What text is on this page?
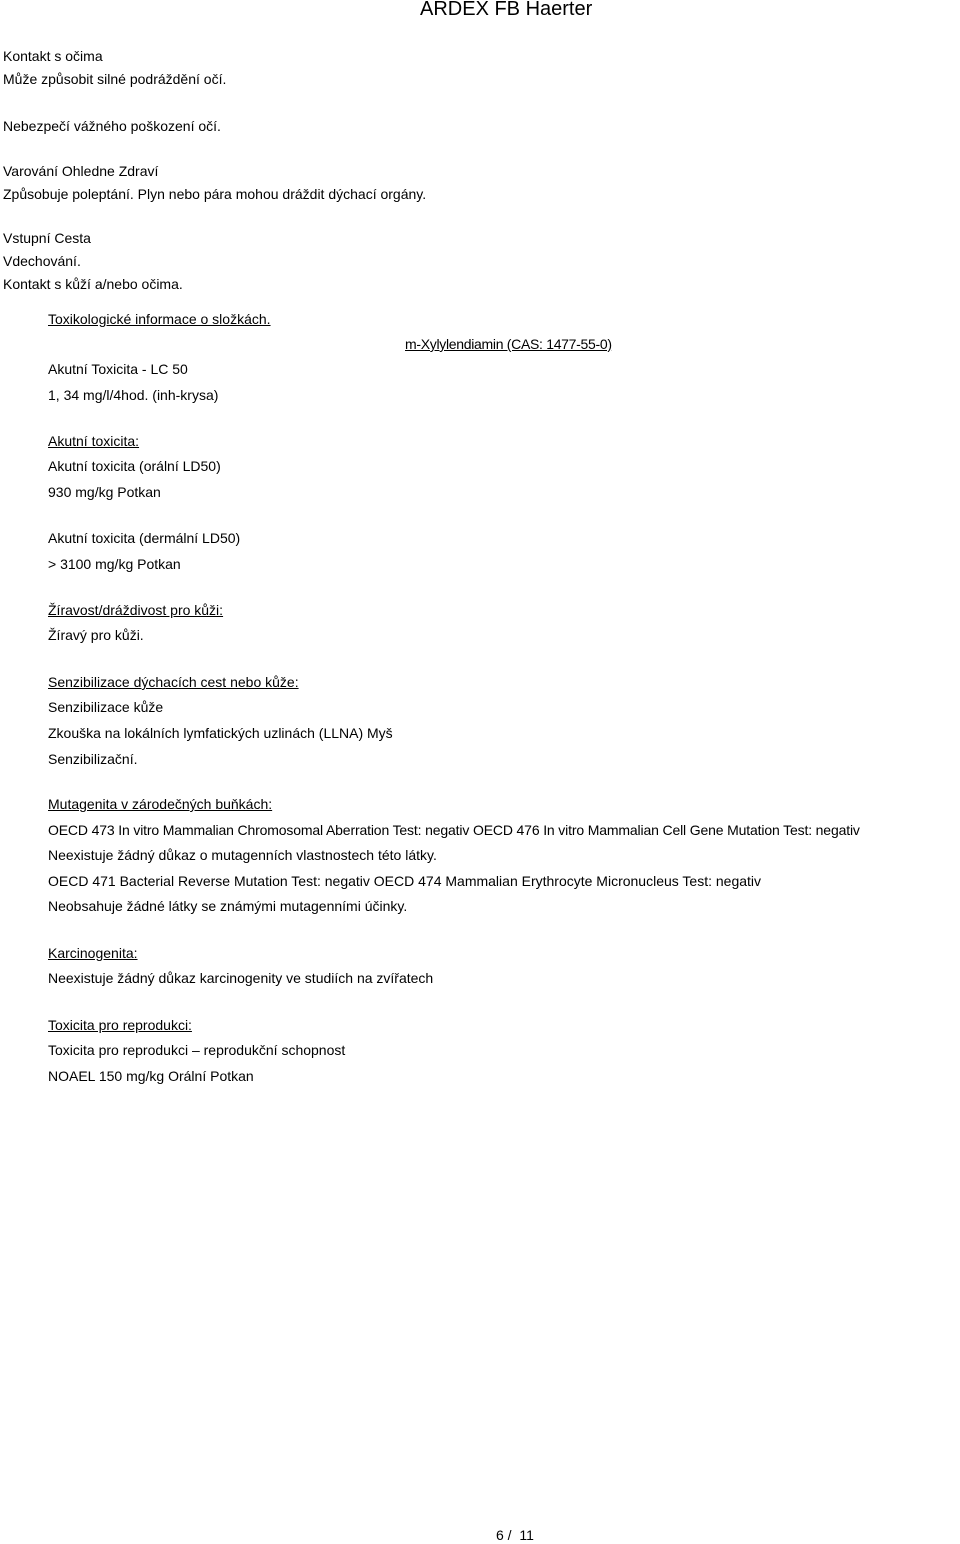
ARDEX FB Haerter
Kontakt s očima
Může způsobit silné podráždění očí.
Nebezpečí vážného poškození očí.
Varování Ohledne Zdraví
Způsobuje poleptání. Plyn nebo pára mohou dráždit dýchací orgány.
Vstupní Cesta
Vdechování.
Kontakt s kůží a/nebo očima.
Toxikologické informace o složkách.
m-Xylylendiamin (CAS: 1477-55-0)
Akutní Toxicita - LC 50
1, 34 mg/l/4hod. (inh-krysa)
Akutní toxicita:
Akutní toxicita (orální LD50)
930 mg/kg Potkan
Akutní toxicita (dermální LD50)
> 3100 mg/kg Potkan
Žíravost/dráždivost pro kůži:
Žíravý pro kůži.
Senzibilizace dýchacích cest nebo kůže:
Senzibilizace kůže
Zkouška na lokálních lymfatických uzlinách (LLNA) Myš
Senzibilizační.
Mutagenita v zárodečných buňkách:
OECD 473 In vitro Mammalian Chromosomal Aberration Test: negativ OECD 476 In vitro Mammalian Cell Gene Mutation Test: negativ
Neexistuje žádný důkaz o mutagenních vlastnostech této látky.
OECD 471 Bacterial Reverse Mutation Test: negativ OECD 474 Mammalian Erythrocyte Micronucleus Test: negativ
Neobsahuje žádné látky se známými mutagenními účinky.
Karcinogenita:
Neexistuje žádný důkaz karcinogenity ve studiích na zvířatech
Toxicita pro reprodukci:
Toxicita pro reprodukci – reprodukční schopnost
NOAEL 150 mg/kg Orální Potkan
6 /  11
